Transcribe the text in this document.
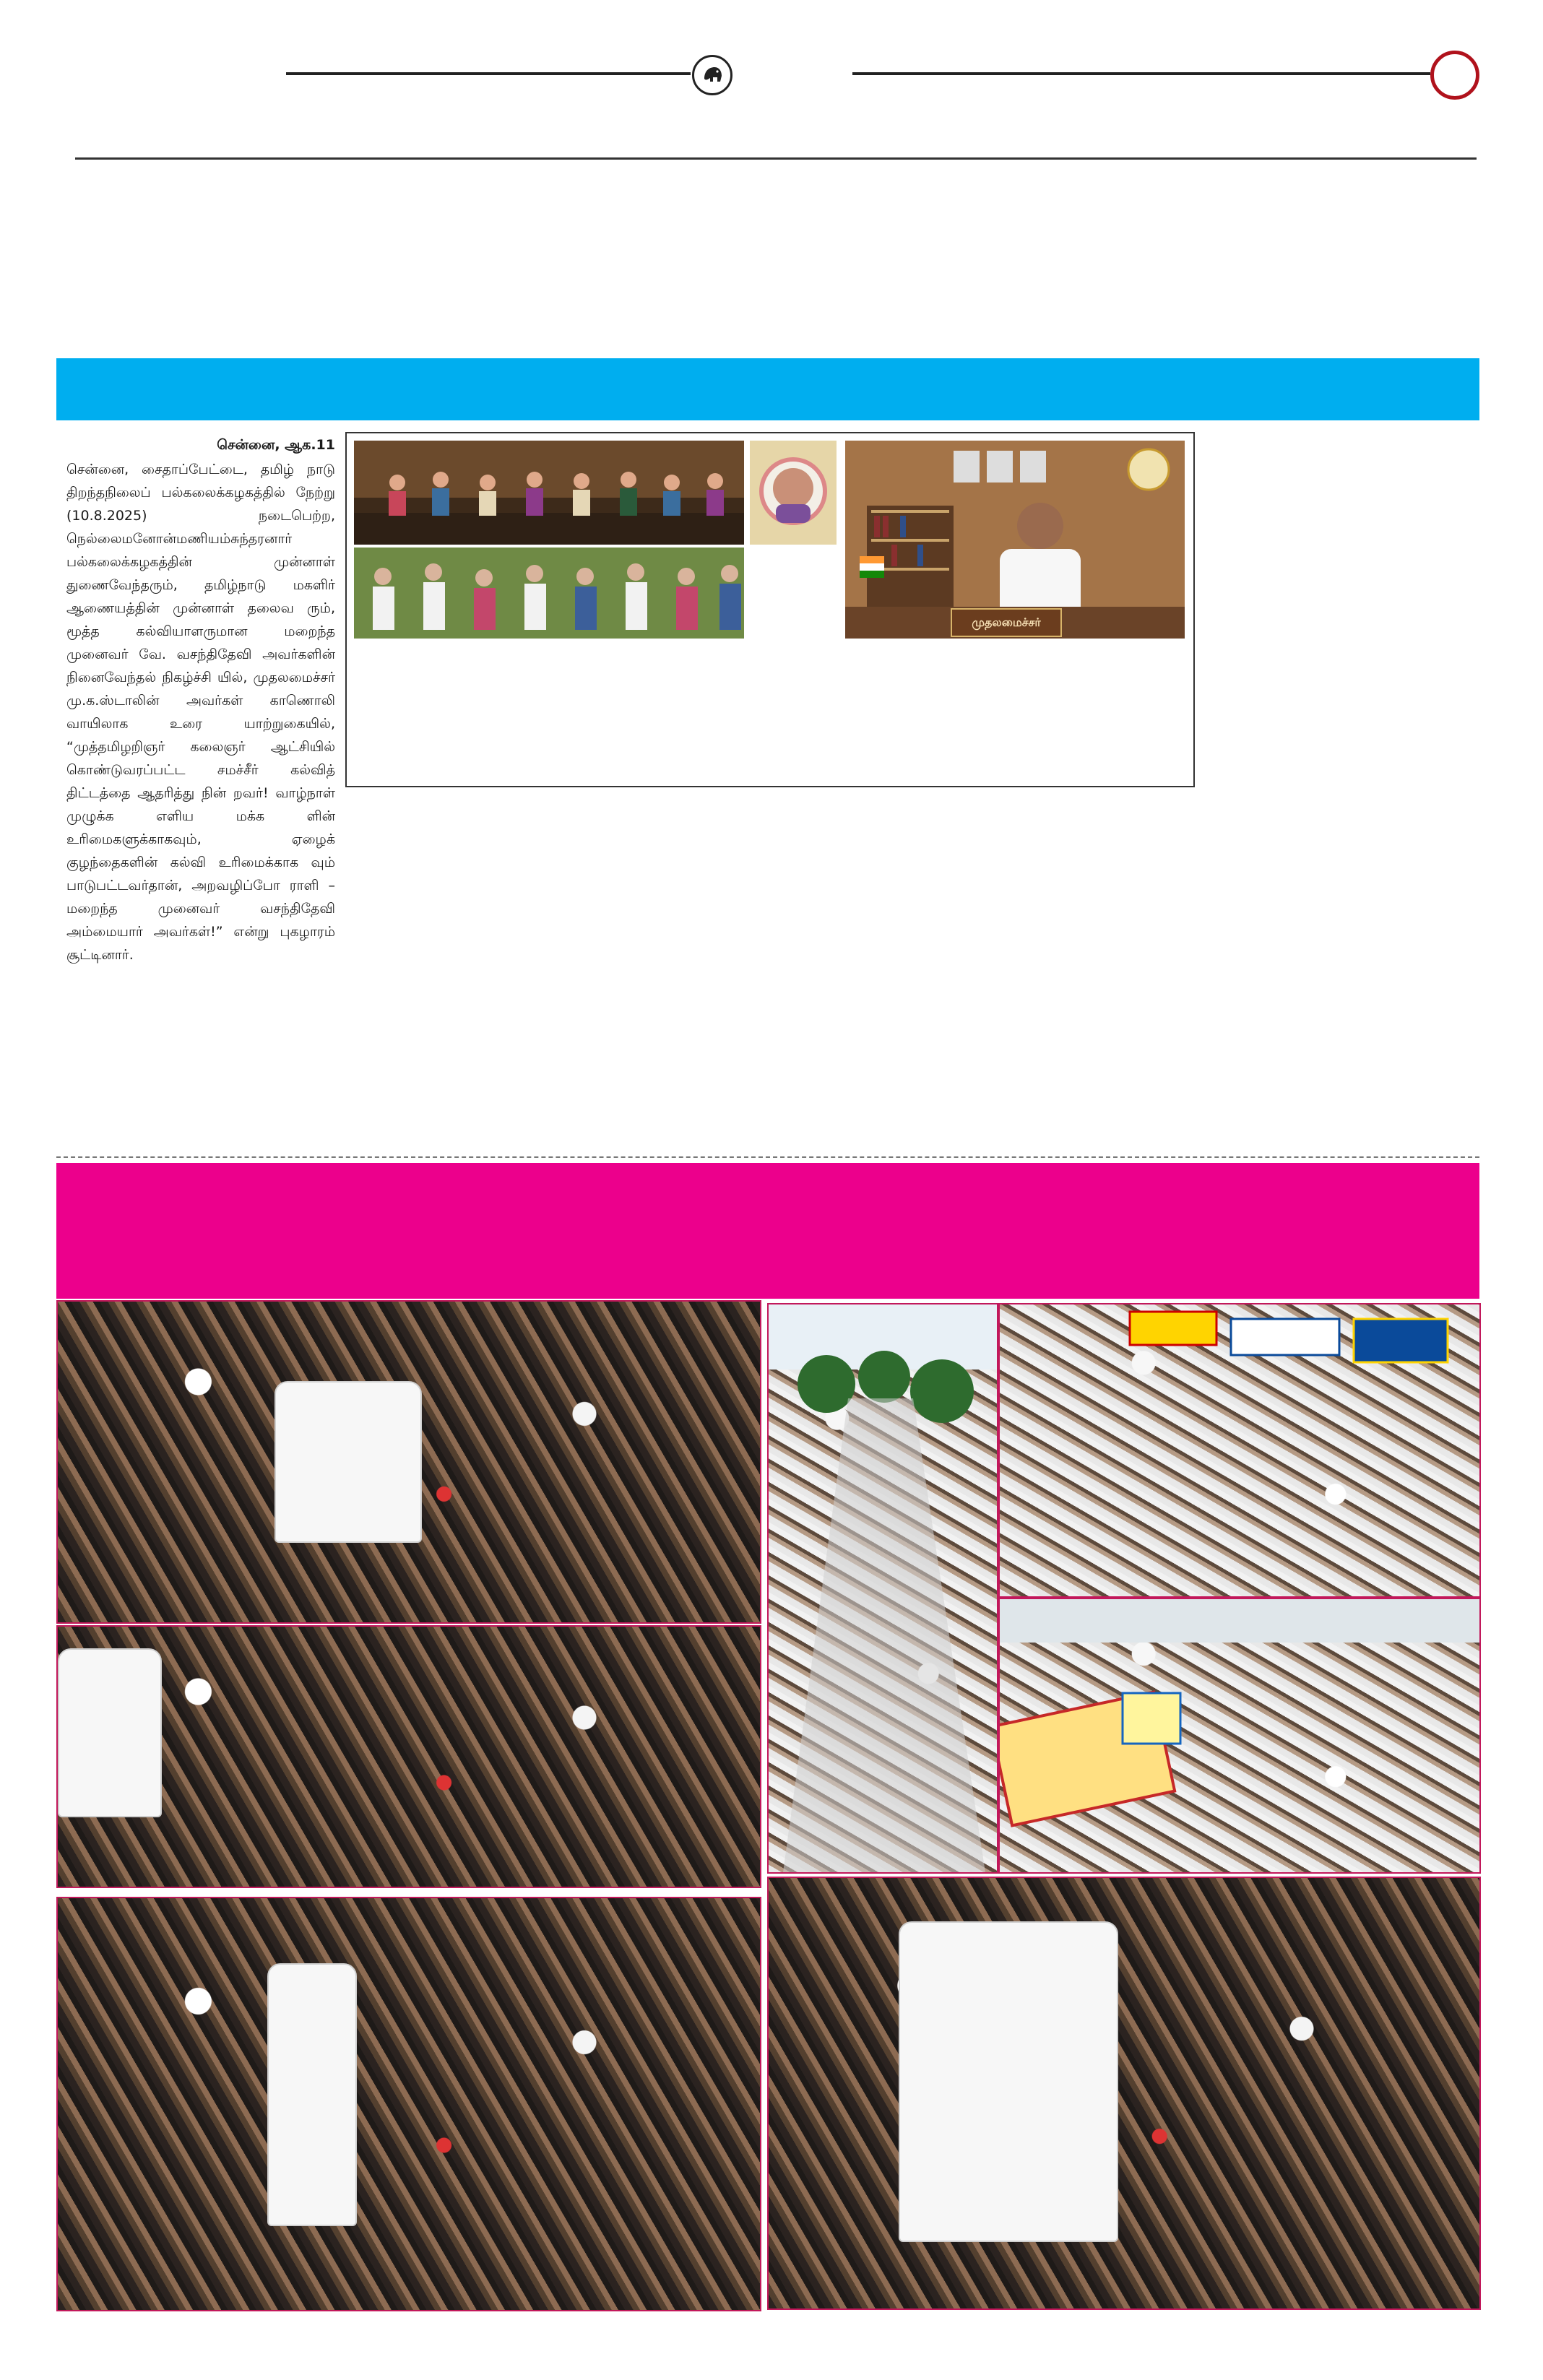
சென்னை, ஆக.11
சென்னை, சைதாப்பேட்டை, தமிழ் நாடு திறந்தநிலைப் பல்கலைக்கழகத்தில் நேற்று (10.8.2025) நடைபெற்ற, நெல்லைமனோன்மணியம்சுந்தரனார் பல்கலைக்கழகத்தின் முன்னாள் துணைவேந்தரும், தமிழ்நாடு மகளிர் ஆணையத்தின் முன்னாள் தலைவ ரும், மூத்த கல்வியாளருமான மறைந்த முனைவர் வே. வசந்திதேவி அவர்களின் நினைவேந்தல் நிகழ்ச்சி யில், முதலமைச்சர் மு.க.ஸ்டாலின் அவர்கள் காணொலி வாயிலாக உரை யாற்றுகையில், “முத்தமிழறிஞர் கலைஞர் ஆட்சியில் கொண்டுவரப்பட்ட சமச்சீர் கல்வித் திட்டத்தை ஆதரித்து நின் றவர்! வாழ்நாள் முழுக்க எளிய மக்க ளின் உரிமைகளுக்காகவும், ஏழைக் குழந்தைகளின் கல்வி உரிமைக்காக வும் பாடுபட்டவர்தான், அறவழிப்போ ராளி – மறைந்த முனைவர் வசந்திதேவி அம்மையார் அவர்கள்!” என்று புகழாரம் சூட்டினார்.
முதலமைச்சர்
